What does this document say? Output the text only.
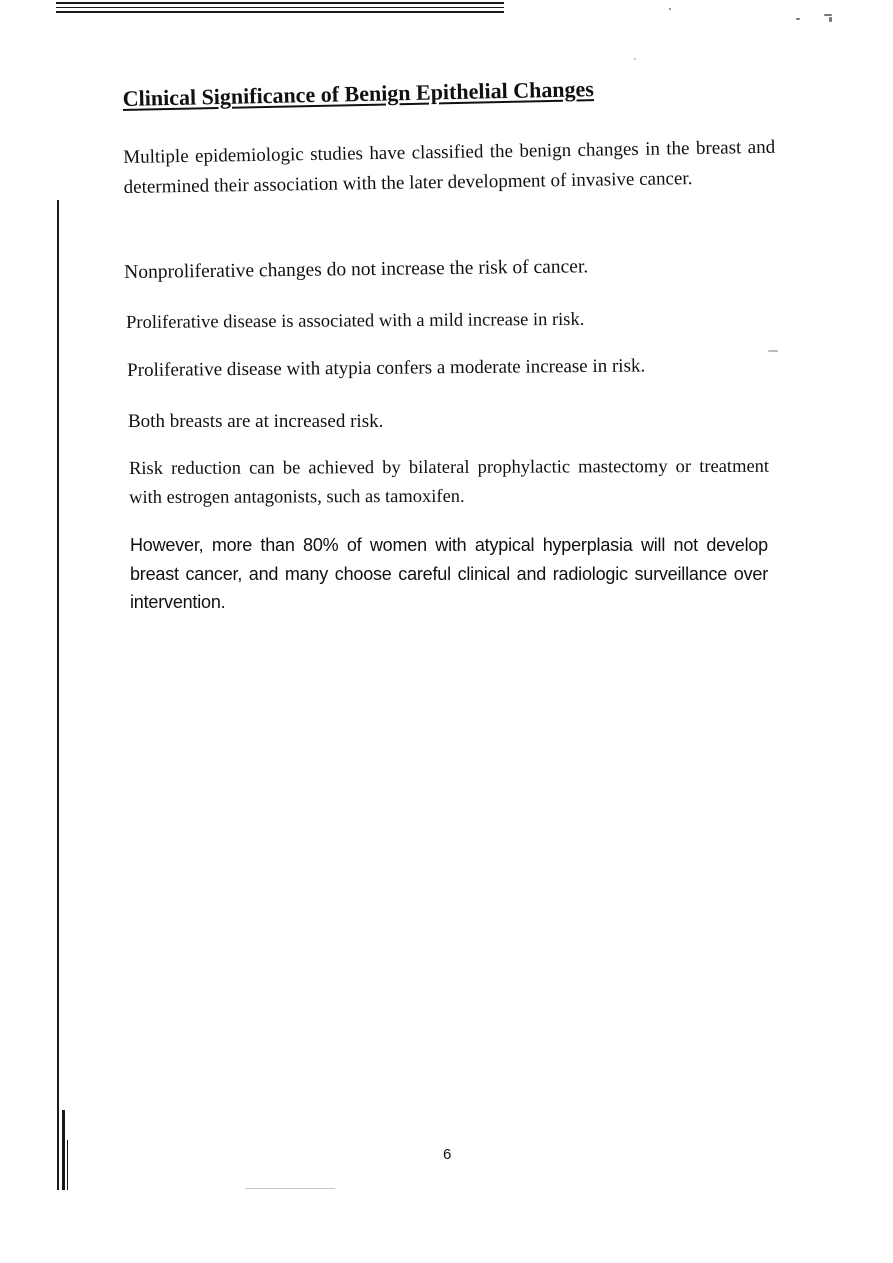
Clinical Significance of Benign Epithelial Changes

Multiple epidemiologic studies have classified the benign changes in the breast and determined their association with the later development of invasive cancer.

Nonproliferative changes do not increase the risk of cancer.

Proliferative disease is associated with a mild increase in risk.

Proliferative disease with atypia confers a moderate increase in risk.

Both breasts are at increased risk.

Risk reduction can be achieved by bilateral prophylactic mastectomy or treatment with estrogen antagonists, such as tamoxifen.

However, more than 80% of women with atypical hyperplasia will not develop breast cancer, and many choose careful clinical and radiologic surveillance over intervention.

6
